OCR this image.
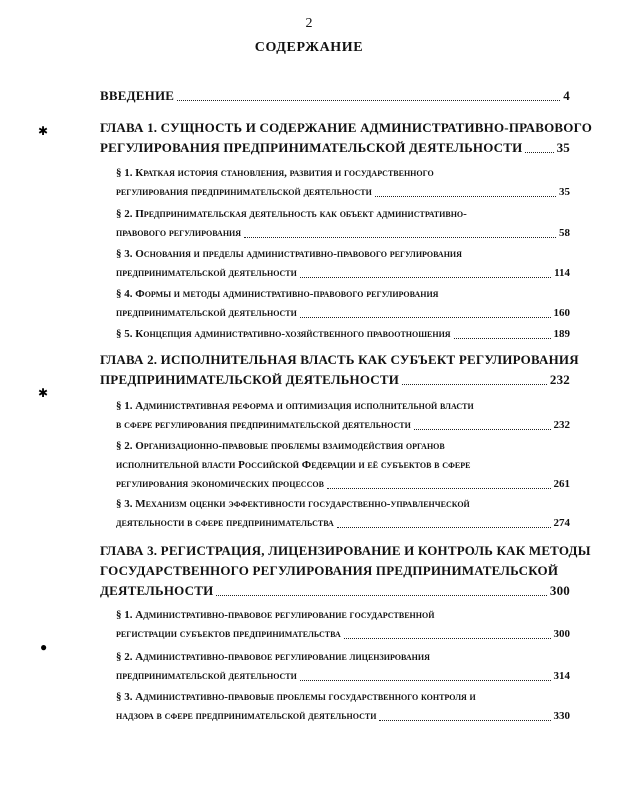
2
СОДЕРЖАНИЕ
✱
✱
●
ВВЕДЕНИЕ	4
ГЛАВА 1. СУЩНОСТЬ И СОДЕРЖАНИЕ АДМИНИСТРАТИВНО-ПРАВОВОГО
РЕГУЛИРОВАНИЯ ПРЕДПРИНИМАТЕЛЬСКОЙ ДЕЯТЕЛЬНОСТИ	35
§ 1. Краткая история становления, развития и государственного
регулирования предпринимательской деятельности	35
§ 2. Предпринимательская деятельность как объект административно-
правового регулирования	58
§ 3. Основания и пределы административно-правового регулирования
предпринимательской деятельности	114
§ 4. Формы и методы административно-правового регулирования
предпринимательской деятельности	160
§ 5. Концепция административно-хозяйственного правоотношения	189
ГЛАВА 2. ИСПОЛНИТЕЛЬНАЯ ВЛАСТЬ КАК СУБЪЕКТ РЕГУЛИРОВАНИЯ
ПРЕДПРИНИМАТЕЛЬСКОЙ ДЕЯТЕЛЬНОСТИ	232
§ 1. Административная реформа и оптимизация исполнительной власти
в сфере регулирования предпринимательской деятельности	232
§ 2. Организационно-правовые проблемы взаимодействия органов
исполнительной власти Российской Федерации и её субъектов в сфере
регулирования экономических процессов	261
§ 3. Механизм оценки эффективности государственно-управленческой
деятельности в сфере предпринимательства	274
ГЛАВА 3. РЕГИСТРАЦИЯ, ЛИЦЕНЗИРОВАНИЕ И КОНТРОЛЬ КАК МЕТОДЫ
ГОСУДАРСТВЕННОГО РЕГУЛИРОВАНИЯ ПРЕДПРИНИМАТЕЛЬСКОЙ
ДЕЯТЕЛЬНОСТИ	300
§ 1. Административно-правовое регулирование государственной
регистрации субъектов предпринимательства	300
§ 2. Административно-правовое регулирование лицензирования
предпринимательской деятельности	314
§ 3. Административно-правовые проблемы государственного контроля и
надзора в сфере предпринимательской деятельности	330
